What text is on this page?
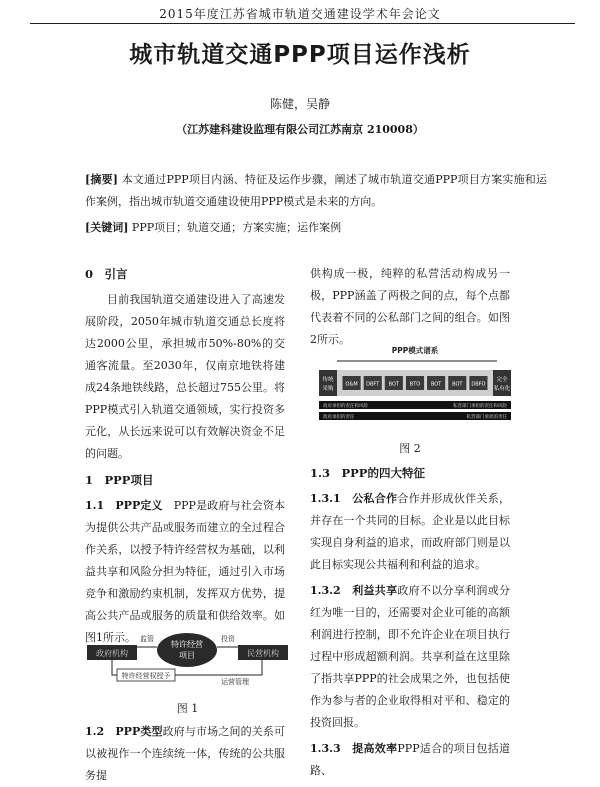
2015年度江苏省城市轨道交通建设学术年会论文
城市轨道交通PPP项目运作浅析
陈健，吴静
（江苏建科建设监理有限公司江苏南京 210008）
[摘要] 本文通过PPP项目内涵、特征及运作步骤，阐述了城市轨道交通PPP项目方案实施和运作案例，指出城市轨道交通建设使用PPP模式是未来的方向。
[关键词] PPP项目；轨道交通；方案实施；运作案例

0　引言

目前我国轨道交通建设进入了高速发展阶段，2050年城市轨道交通总长度将达2000公里，承担城市50%-80%的交通客流量。至2030年，仅南京地铁将建成24条地铁线路，总长超过755公里。将PPP模式引入轨道交通领域，实行投资多元化，从长远来说可以有效解决资金不足的问题。

1　PPP项目

1.1　PPP定义　 PPP是政府与社会资本为提供公共产品或服务而建立的全过程合作关系，以授予特许经营权为基础，以利益共享和风险分担为特征，通过引入市场竞争和激励约束机制，发挥双方优势，提高公共产品或服务的质量和供给效率。如图1所示。

政府机构	民营机构
特许经营
项目
监管	投资
特许经营权授予
运营管理
图 1

1.2　PPP类型政府与市场之间的关系可以被视作一个连续统一体，传统的公共服务提

供构成一极，纯粹的私营活动构成另一极，PPP涵盖了两极之间的点，每个点都代表着不同的公私部门之间的组合。如图2所示。

PPP模式谱系
传统
采购
完全
私有化
O&M DBFT BOT BTO BOT BOT DBFO
政府承担的责任和风险	私营部门承担的责任和风险
政府承担的责任	私营部门承担的责任
图 2

1.3　PPP的四大特征

1.3.1　公私合作合作并形成伙伴关系，并存在一个共同的目标。企业是以此目标实现自身利益的追求，而政府部门则是以此目标实现公共福利和利益的追求。

1.3.2　利益共享政府不以分享利润或分红为唯一目的，还需要对企业可能的高额利润进行控制，即不允许企业在项目执行过程中形成超额利润。共享利益在这里除了指共享PPP的社会成果之外，也包括使作为参与者的企业取得相对平和、稳定的投资回报。

1.3.3　提高效率PPP适合的项目包括道路、
